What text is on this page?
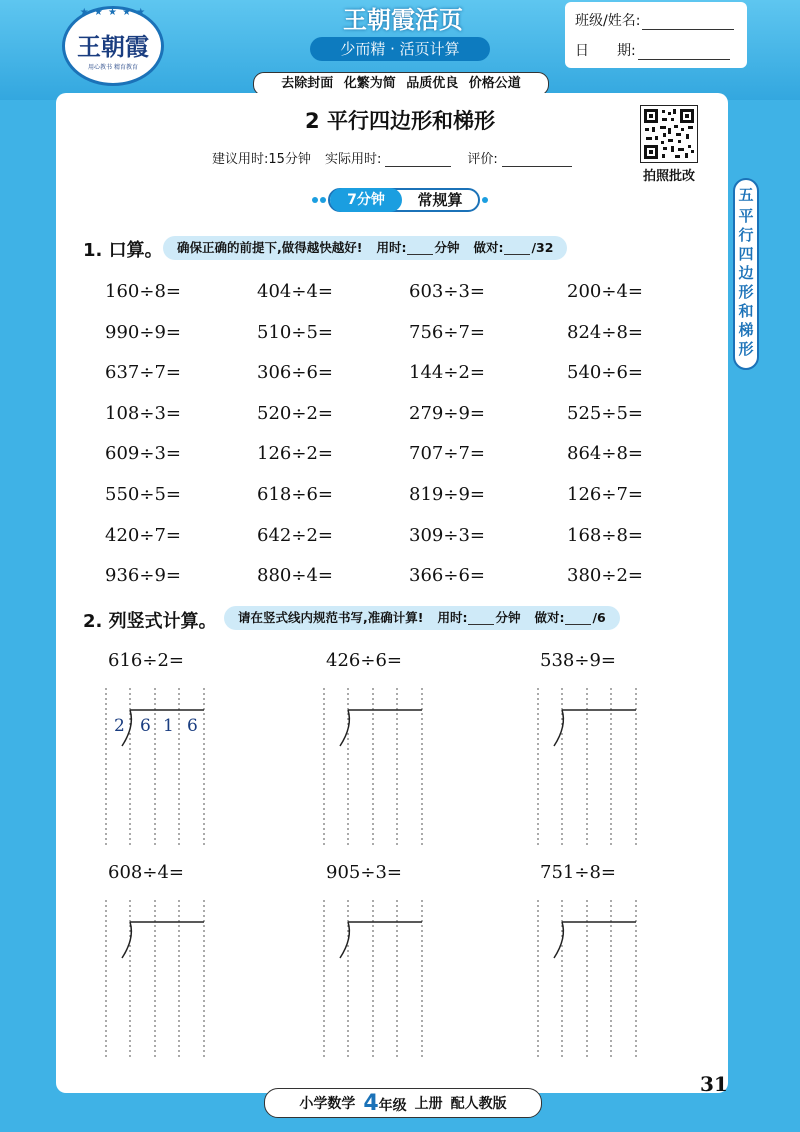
★ ★ ★ ★ ★
王朝霞
用心教书 精育教育
王朝霞活页
少而精 · 活页计算
班级/姓名:
日　　期:
去除封面 化繁为简 品质优良 价格公道
五
平
行
四
边
形
和
梯
形
2 平行四边形和梯形
建议用时:15分钟 实际用时:	评价:
拍照批改
7分钟	常规算
1. 口算。 确保正确的前提下,做得越快越好! 用时: 分钟 做对: /32
160÷8=	404÷4=	603÷3=	200÷4=
990÷9=	510÷5=	756÷7=	824÷8=
637÷7=	306÷6=	144÷2=	540÷6=
108÷3=	520÷2=	279÷9=	525÷5=
609÷3=	126÷2=	707÷7=	864÷8=
550÷5=	618÷6=	819÷9=	126÷7=
420÷7=	642÷2=	309÷3=	168÷8=
936÷9=	880÷4=	366÷6=	380÷2=
2. 列竖式计算。 请在竖式线内规范书写,准确计算! 用时: 分钟 做对: /6
616÷2=	426÷6=	538÷9=
608÷4=	905÷3=	751÷8=
2 6 1 6
小学数学 4年级 上册 配人教版
31
